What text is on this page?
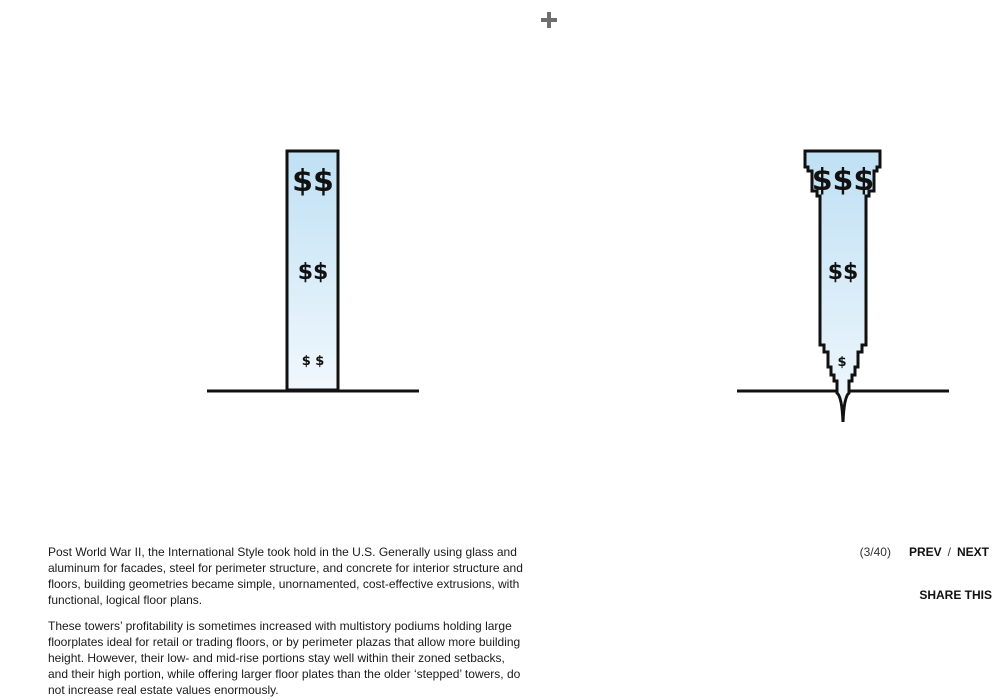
$$
$$
$ $
$$$
$$
$

Post World War II, the International Style took hold in the U.S. Generally using glass and aluminum for facades, steel for perimeter structure, and concrete for interior structure and floors, building geometries became simple, unornamented, cost-effective extrusions, with functional, logical floor plans.

These towers’ profitability is sometimes increased with multistory podiums holding large floorplates ideal for retail or trading floors, or by perimeter plazas that allow more building height. However, their low- and mid-rise portions stay well within their zoned setbacks, and their high portion, while offering larger floor plates than the older ‘stepped’ towers, do not increase real estate values enormously.

(3/40) PREV / NEXT
SHARE THIS
